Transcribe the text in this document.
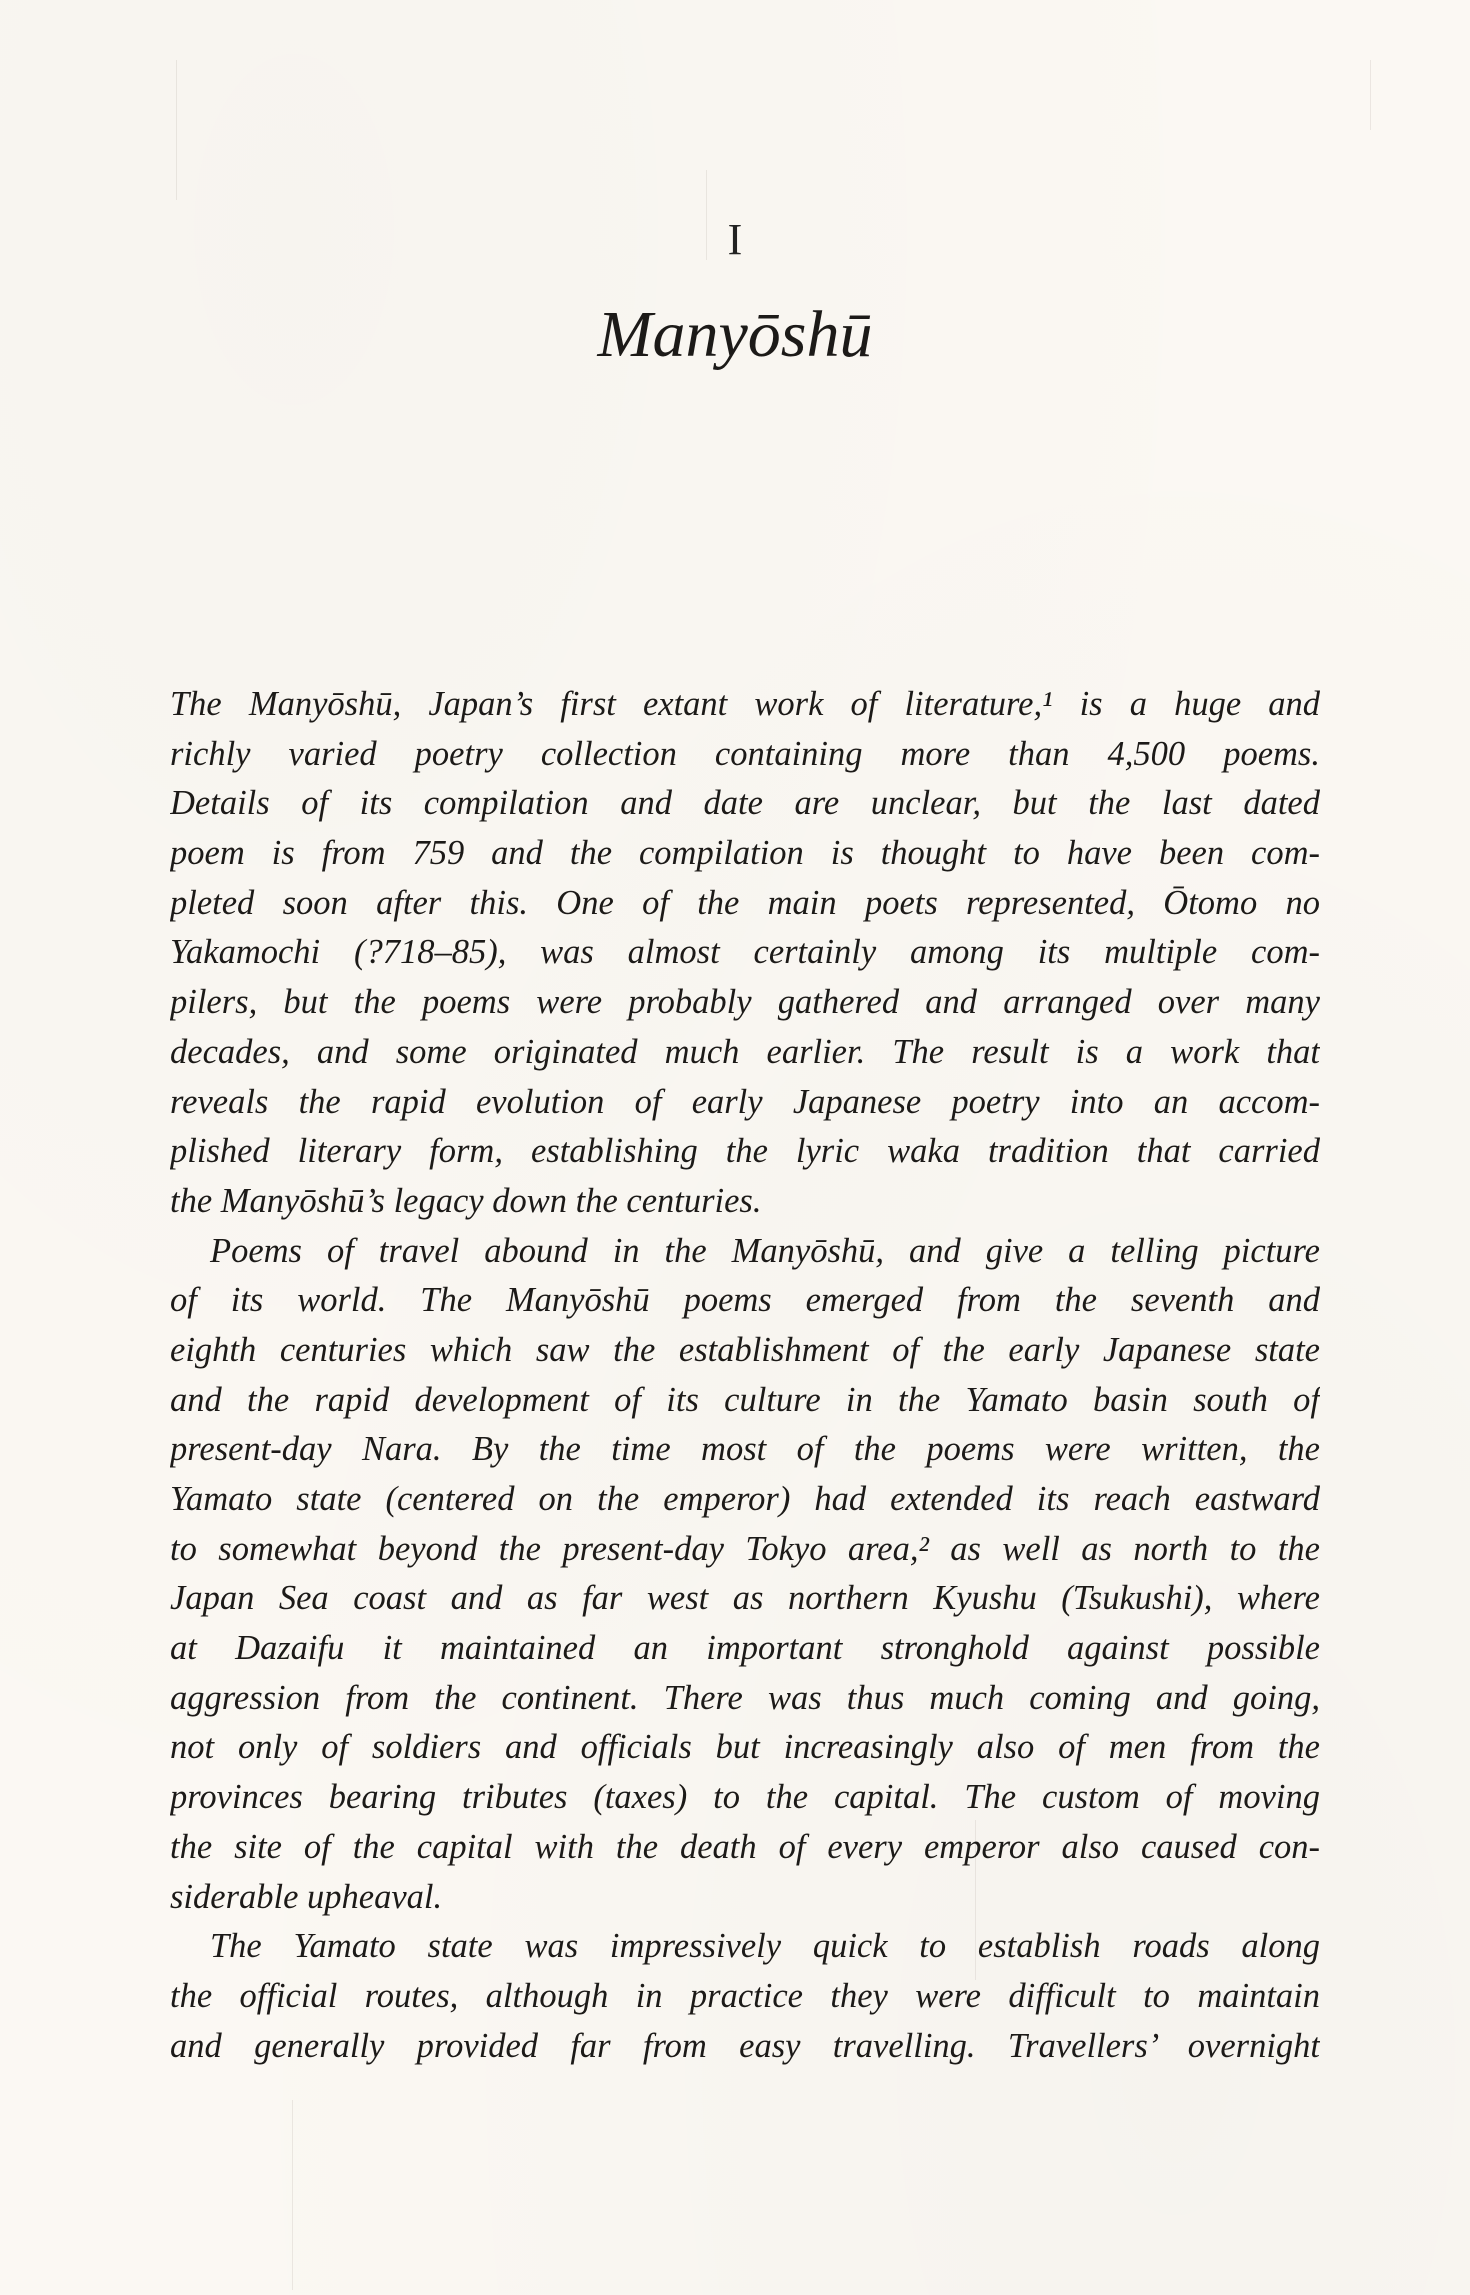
I
Manyōshū
The Manyōshū, Japan’s first extant work of literature,¹ is a huge and
richly varied poetry collection containing more than 4,500 poems.
Details of its compilation and date are unclear, but the last dated
poem is from 759 and the compilation is thought to have been com-
pleted soon after this. One of the main poets represented, Ōtomo no
Yakamochi (?718–85), was almost certainly among its multiple com-
pilers, but the poems were probably gathered and arranged over many
decades, and some originated much earlier. The result is a work that
reveals the rapid evolution of early Japanese poetry into an accom-
plished literary form, establishing the lyric waka tradition that carried
the Manyōshū’s legacy down the centuries.
Poems of travel abound in the Manyōshū, and give a telling picture
of its world. The Manyōshū poems emerged from the seventh and
eighth centuries which saw the establishment of the early Japanese state
and the rapid development of its culture in the Yamato basin south of
present-day Nara. By the time most of the poems were written, the
Yamato state (centered on the emperor) had extended its reach eastward
to somewhat beyond the present-day Tokyo area,² as well as north to the
Japan Sea coast and as far west as northern Kyushu (Tsukushi), where
at Dazaifu it maintained an important stronghold against possible
aggression from the continent. There was thus much coming and going,
not only of soldiers and officials but increasingly also of men from the
provinces bearing tributes (taxes) to the capital. The custom of moving
the site of the capital with the death of every emperor also caused con-
siderable upheaval.
The Yamato state was impressively quick to establish roads along
the official routes, although in practice they were difficult to maintain
and generally provided far from easy travelling. Travellers’ overnight
